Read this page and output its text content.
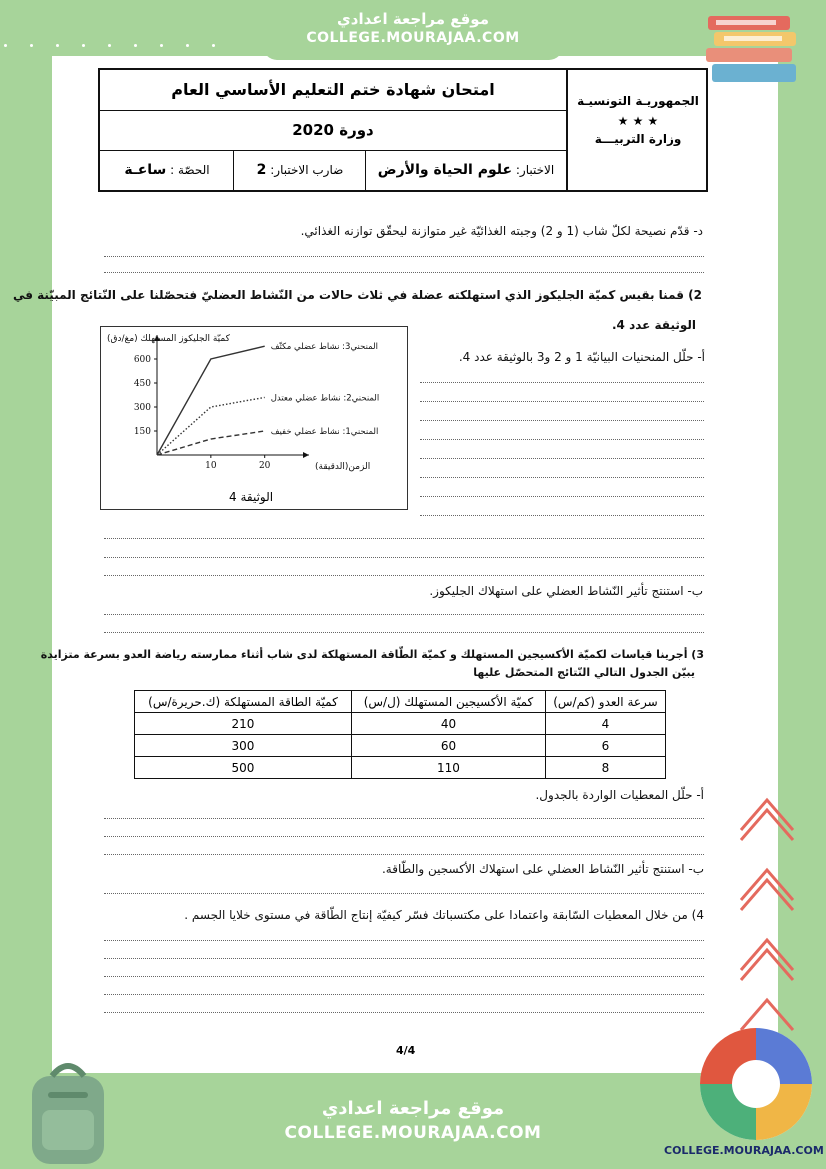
موقع مراجعة اعدادي
COLLEGE.MOURAJAA.COM
امتحان شهادة ختم التعليم الأساسي العام
دورة 2020
الاختبار: علوم الحياة والأرض
ضارب الاختبار: 2
الحصّة : ساعـة
الجمهوريـة التونسيـة
★ ★ ★
وزارة التربيـــة
د- قدّم نصيحة لكلّ شاب (1 و 2) وجبته الغذائيّة غير متوازنة ليحقّق توازنه الغذائي.
2) قمنا بقيس كميّة الجليكوز الذي استهلكته عضلة في ثلاث حالات من النّشاط العضليّ فتحصّلنا على النّتائج المبيّنة في
الوثيقة عدد 4.
كميّة الجليكوز المستهلك (مغ/دق)
الزمن(الدقيقة)
150
300
450
600
10	20
المنحني3: نشاط عضلي مكثّف
المنحني2: نشاط عضلي معتدل
المنحني1: نشاط عضلي خفيف
الوثيقة 4
أ- حلّل المنحنيات البيانيّة 1 و 2 و3 بالوثيقة عدد 4.
ب- استنتج تأثير النّشاط العضلي على استهلاك الجليكوز.
3) أجرينا قياسات لكميّة الأكسيجين المستهلك و كميّة الطّاقة المستهلكة لدى شاب أثناء ممارسته رياضة العدو بسرعة متزايدة
يبيّن الجدول التالي النّتائج المتحصّل عليها
سرعة العدو (كم/س)	كميّة الأكسيجين المستهلك (ل/س)	كميّة الطاقة المستهلكة (ك.حريرة/س)
4	40	210
6	60	300
8	110	500
أ- حلّل المعطيات الواردة بالجدول.
ب- استنتج تأثير النّشاط العضلي على استهلاك الأكسجين والطّاقة.
4) من خلال المعطيات السّابقة واعتمادا على مكتسباتك فسّر كيفيّة إنتاج الطّاقة في مستوى خلايا الجسم .
4/4
موقع مراجعة اعدادي
COLLEGE.MOURAJAA.COM
COLLEGE.MOURAJAA.COM
